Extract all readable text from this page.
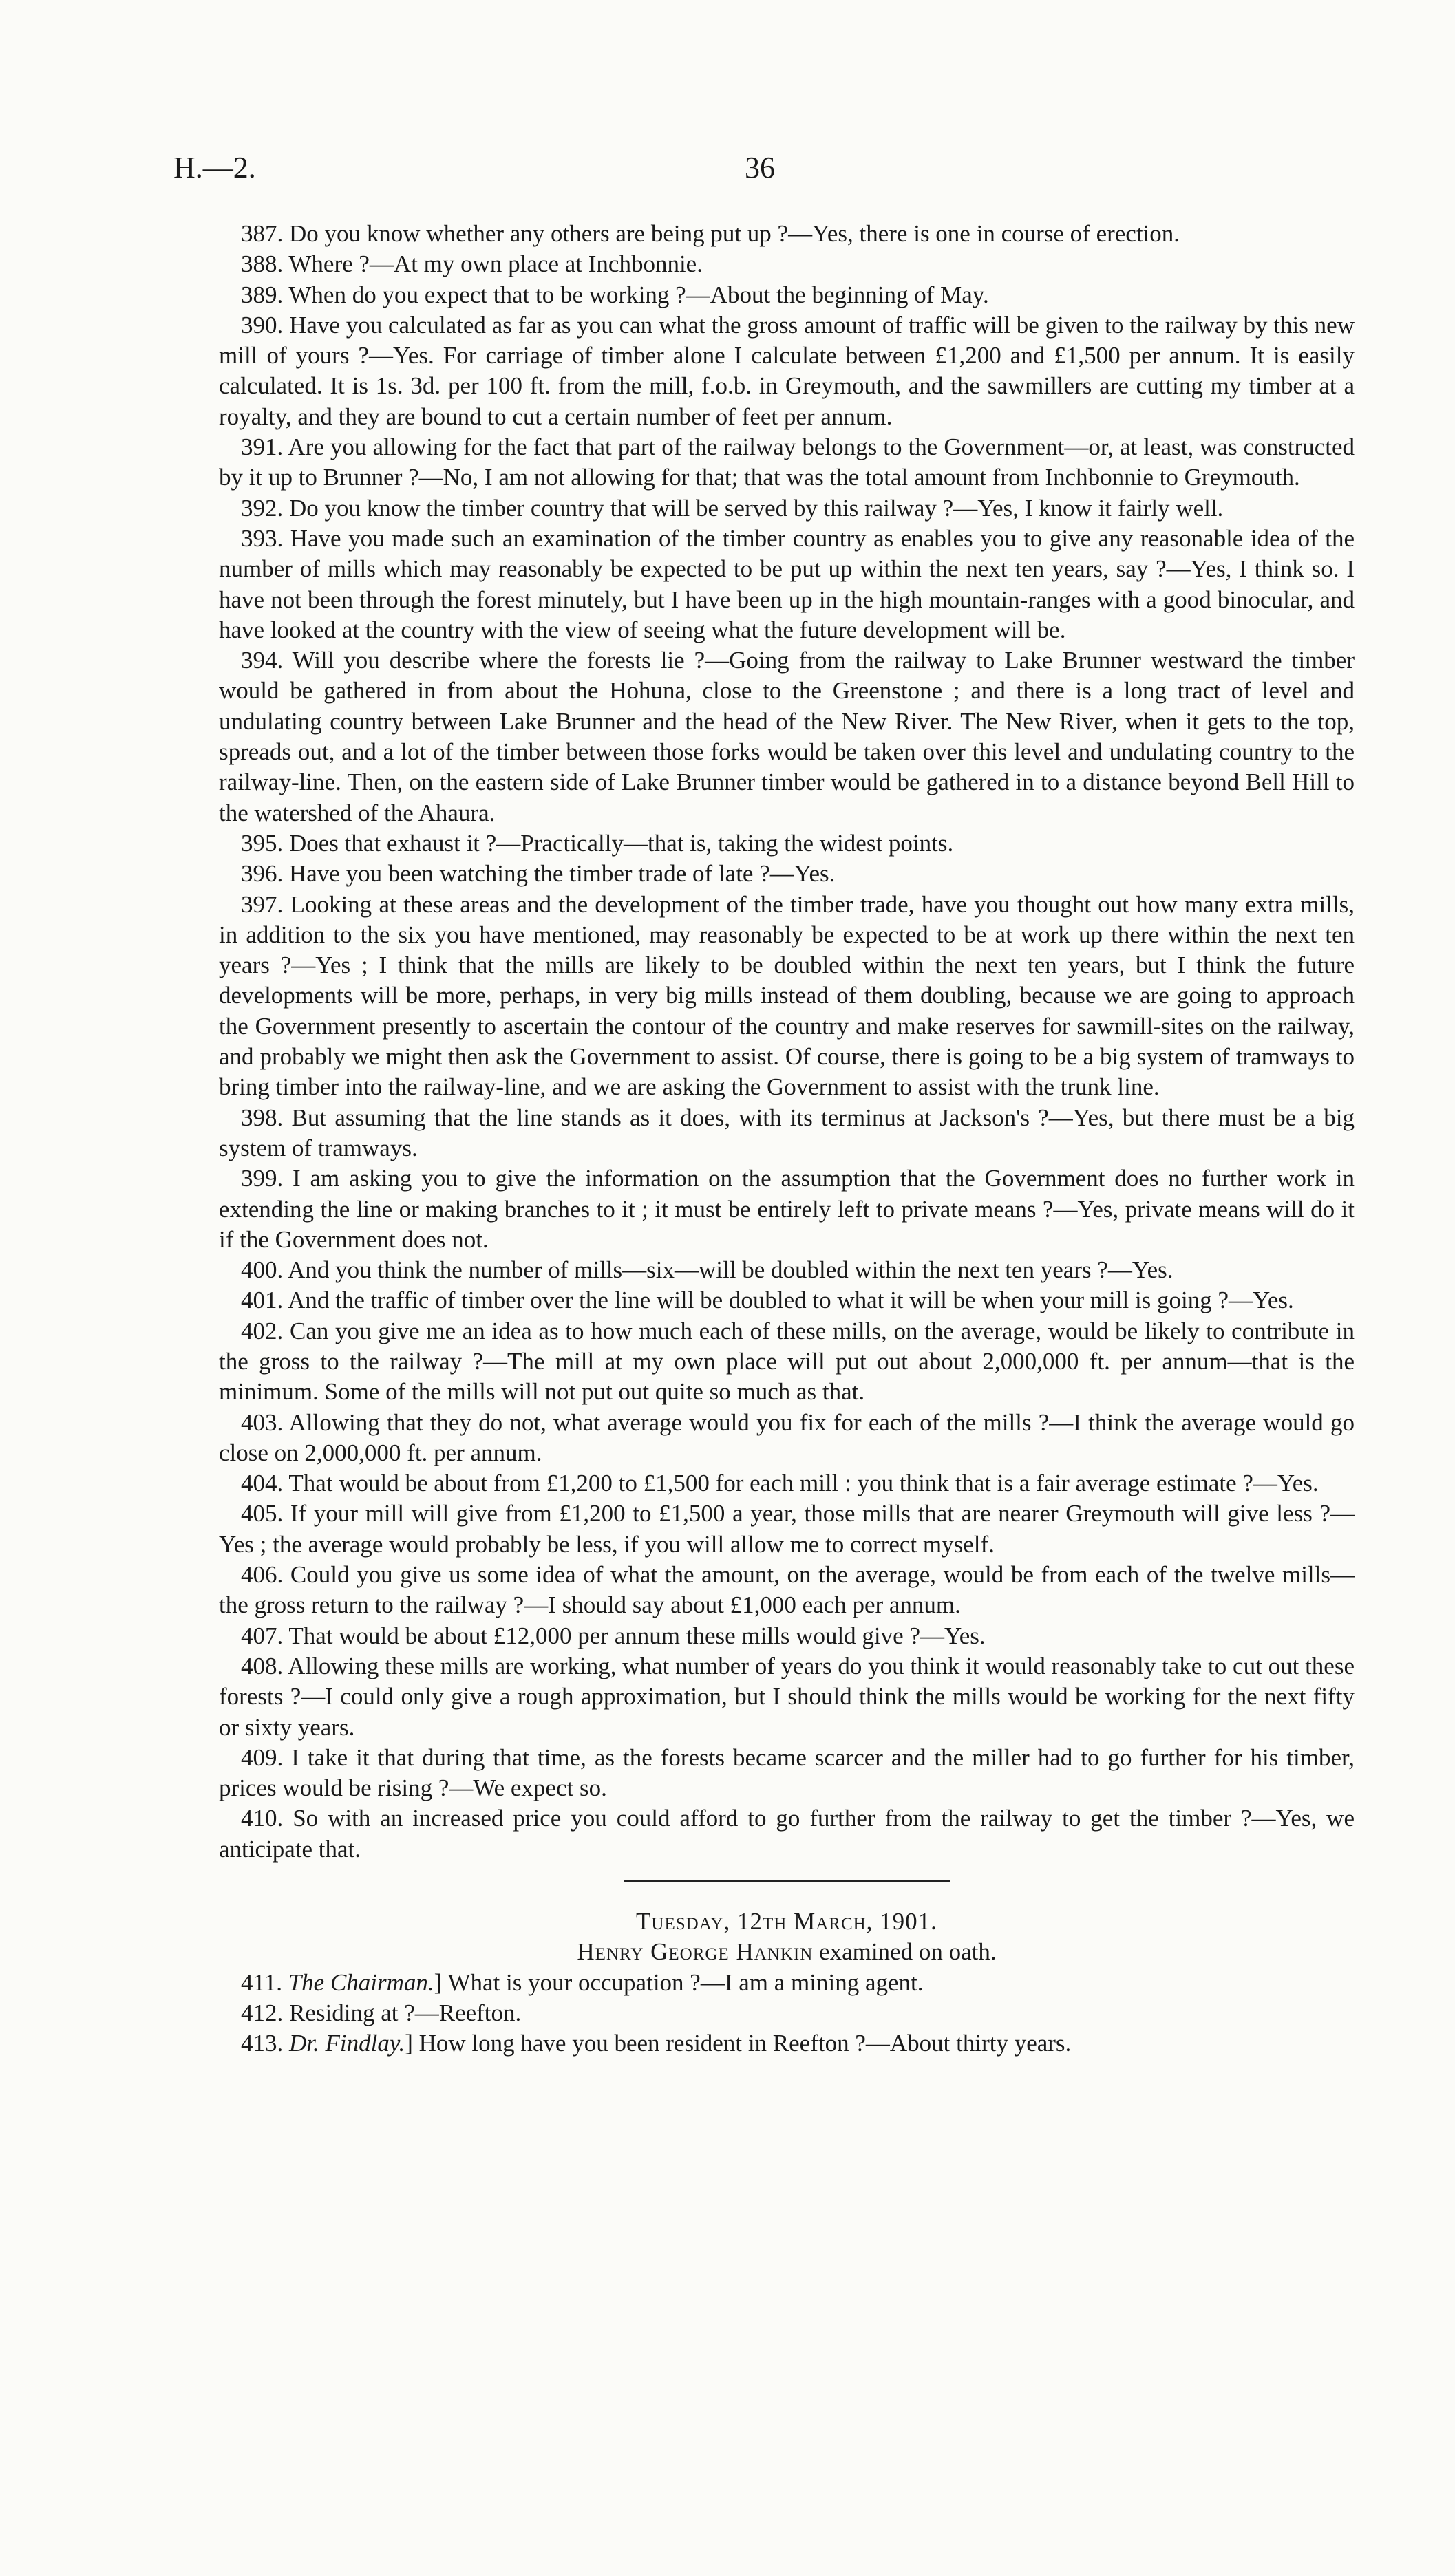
H.—2.	36

387. Do you know whether any others are being put up ?—Yes, there is one in course of erection.

388. Where ?—At my own place at Inchbonnie.

389. When do you expect that to be working ?—About the beginning of May.

390. Have you calculated as far as you can what the gross amount of traffic will be given to the railway by this new mill of yours ?—Yes. For carriage of timber alone I calculate between £1,200 and £1,500 per annum. It is easily calculated. It is 1s. 3d. per 100 ft. from the mill, f.o.b. in Greymouth, and the sawmillers are cutting my timber at a royalty, and they are bound to cut a certain number of feet per annum.

391. Are you allowing for the fact that part of the railway belongs to the Government—or, at least, was constructed by it up to Brunner ?—No, I am not allowing for that; that was the total amount from Inchbonnie to Greymouth.

392. Do you know the timber country that will be served by this railway ?—Yes, I know it fairly well.

393. Have you made such an examination of the timber country as enables you to give any reasonable idea of the number of mills which may reasonably be expected to be put up within the next ten years, say ?—Yes, I think so. I have not been through the forest minutely, but I have been up in the high mountain-ranges with a good binocular, and have looked at the country with the view of seeing what the future development will be.

394. Will you describe where the forests lie ?—Going from the railway to Lake Brunner westward the timber would be gathered in from about the Hohuna, close to the Greenstone ; and there is a long tract of level and undulating country between Lake Brunner and the head of the New River. The New River, when it gets to the top, spreads out, and a lot of the timber between those forks would be taken over this level and undulating country to the railway-line. Then, on the eastern side of Lake Brunner timber would be gathered in to a distance beyond Bell Hill to the watershed of the Ahaura.

395. Does that exhaust it ?—Practically—that is, taking the widest points.

396. Have you been watching the timber trade of late ?—Yes.

397. Looking at these areas and the development of the timber trade, have you thought out how many extra mills, in addition to the six you have mentioned, may reasonably be expected to be at work up there within the next ten years ?—Yes ; I think that the mills are likely to be doubled within the next ten years, but I think the future developments will be more, perhaps, in very big mills instead of them doubling, because we are going to approach the Government presently to ascertain the contour of the country and make reserves for sawmill-sites on the railway, and probably we might then ask the Government to assist. Of course, there is going to be a big system of tramways to bring timber into the railway-line, and we are asking the Government to assist with the trunk line.

398. But assuming that the line stands as it does, with its terminus at Jackson's ?—Yes, but there must be a big system of tramways.

399. I am asking you to give the information on the assumption that the Government does no further work in extending the line or making branches to it ; it must be entirely left to private means ?—Yes, private means will do it if the Government does not.

400. And you think the number of mills—six—will be doubled within the next ten years ?—Yes.

401. And the traffic of timber over the line will be doubled to what it will be when your mill is going ?—Yes.

402. Can you give me an idea as to how much each of these mills, on the average, would be likely to contribute in the gross to the railway ?—The mill at my own place will put out about 2,000,000 ft. per annum—that is the minimum. Some of the mills will not put out quite so much as that.

403. Allowing that they do not, what average would you fix for each of the mills ?—I think the average would go close on 2,000,000 ft. per annum.

404. That would be about from £1,200 to £1,500 for each mill : you think that is a fair average estimate ?—Yes.

405. If your mill will give from £1,200 to £1,500 a year, those mills that are nearer Greymouth will give less ?—Yes ; the average would probably be less, if you will allow me to correct myself.

406. Could you give us some idea of what the amount, on the average, would be from each of the twelve mills—the gross return to the railway ?—I should say about £1,000 each per annum.

407. That would be about £12,000 per annum these mills would give ?—Yes.

408. Allowing these mills are working, what number of years do you think it would reasonably take to cut out these forests ?—I could only give a rough approximation, but I should think the mills would be working for the next fifty or sixty years.

409. I take it that during that time, as the forests became scarcer and the miller had to go further for his timber, prices would be rising ?—We expect so.

410. So with an increased price you could afford to go further from the railway to get the timber ?—Yes, we anticipate that.

Tuesday, 12th March, 1901.

Henry George Hankin examined on oath.

411. The Chairman.] What is your occupation ?—I am a mining agent.

412. Residing at ?—Reefton.

413. Dr. Findlay.] How long have you been resident in Reefton ?—About thirty years.
